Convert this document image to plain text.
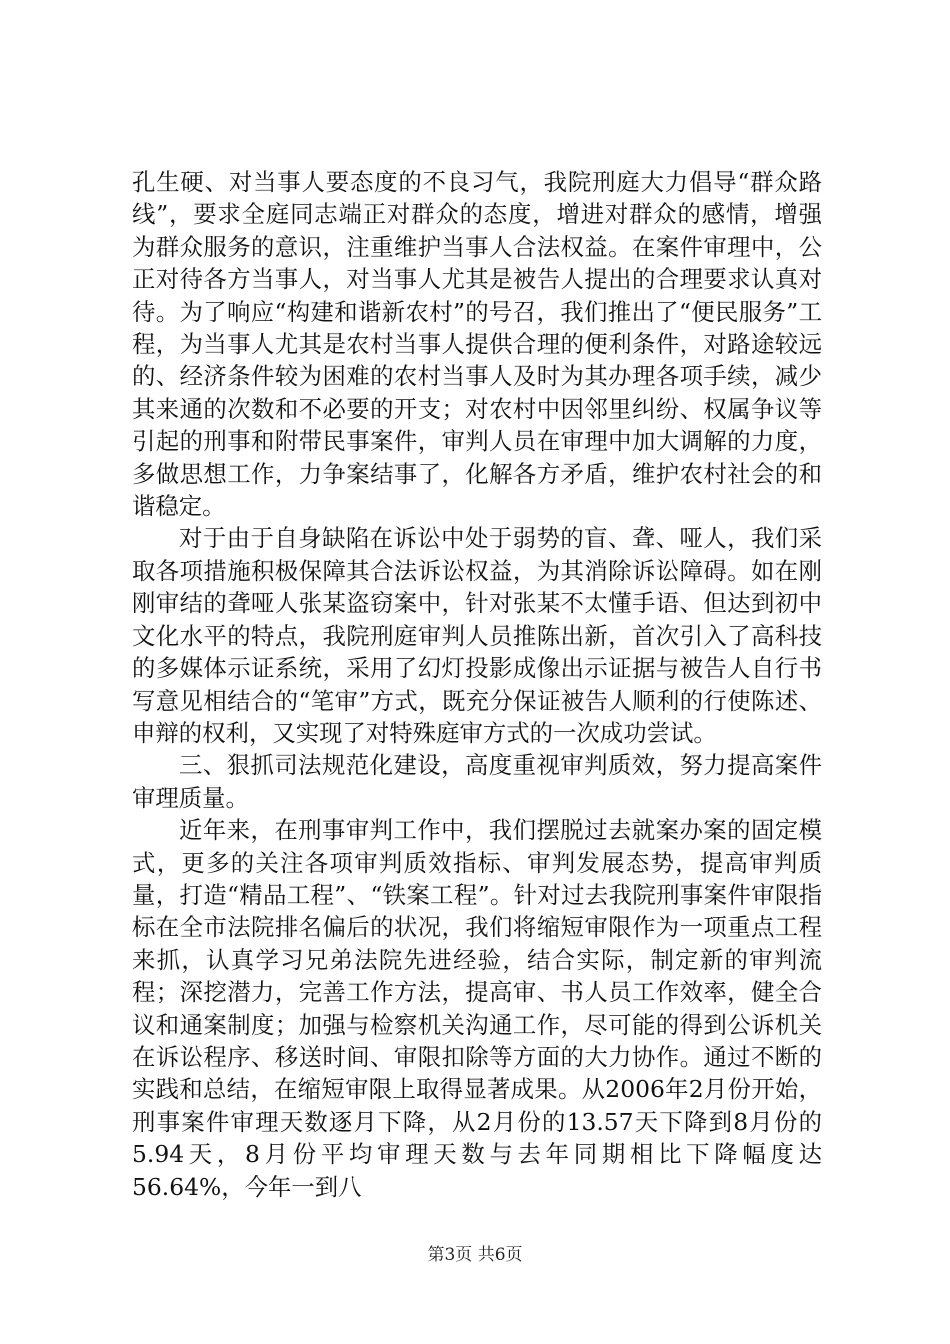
孔生硬、对当事人要态度的不良习气，我院刑庭大力倡导“群众路线”，要求全庭同志端正对群众的态度，增进对群众的感情，增强为群众服务的意识，注重维护当事人合法权益。在案件审理中，公正对待各方当事人，对当事人尤其是被告人提出的合理要求认真对待。为了响应“构建和谐新农村”的号召，我们推出了“便民服务”工程，为当事人尤其是农村当事人提供合理的便利条件，对路途较远的、经济条件较为困难的农村当事人及时为其办理各项手续，减少其来通的次数和不必要的开支；对农村中因邻里纠纷、权属争议等引起的刑事和附带民事案件，审判人员在审理中加大调解的力度，多做思想工作，力争案结事了，化解各方矛盾，维护农村社会的和谐稳定。

对于由于自身缺陷在诉讼中处于弱势的盲、聋、哑人，我们采取各项措施积极保障其合法诉讼权益，为其消除诉讼障碍。如在刚刚审结的聋哑人张某盗窃案中，针对张某不太懂手语、但达到初中文化水平的特点，我院刑庭审判人员推陈出新，首次引入了高科技的多媒体示证系统，采用了幻灯投影成像出示证据与被告人自行书写意见相结合的“笔审”方式，既充分保证被告人顺利的行使陈述、申辩的权利，又实现了对特殊庭审方式的一次成功尝试。

三、狠抓司法规范化建设，高度重视审判质效，努力提高案件审理质量。

近年来，在刑事审判工作中，我们摆脱过去就案办案的固定模式，更多的关注各项审判质效指标、审判发展态势，提高审判质量，打造“精品工程”、“铁案工程”。针对过去我院刑事案件审限指标在全市法院排名偏后的状况，我们将缩短审限作为一项重点工程来抓，认真学习兄弟法院先进经验，结合实际，制定新的审判流程；深挖潜力，完善工作方法，提高审、书人员工作效率，健全合议和通案制度；加强与检察机关沟通工作，尽可能的得到公诉机关在诉讼程序、移送时间、审限扣除等方面的大力协作。通过不断的实践和总结，在缩短审限上取得显著成果。从2006年2月份开始，刑事案件审理天数逐月下降，从2月份的13.57天下降到8月份的5.94天，8月份平均审理天数与去年同期相比下降幅度达56.64%，今年一到八

第3页 共6页
